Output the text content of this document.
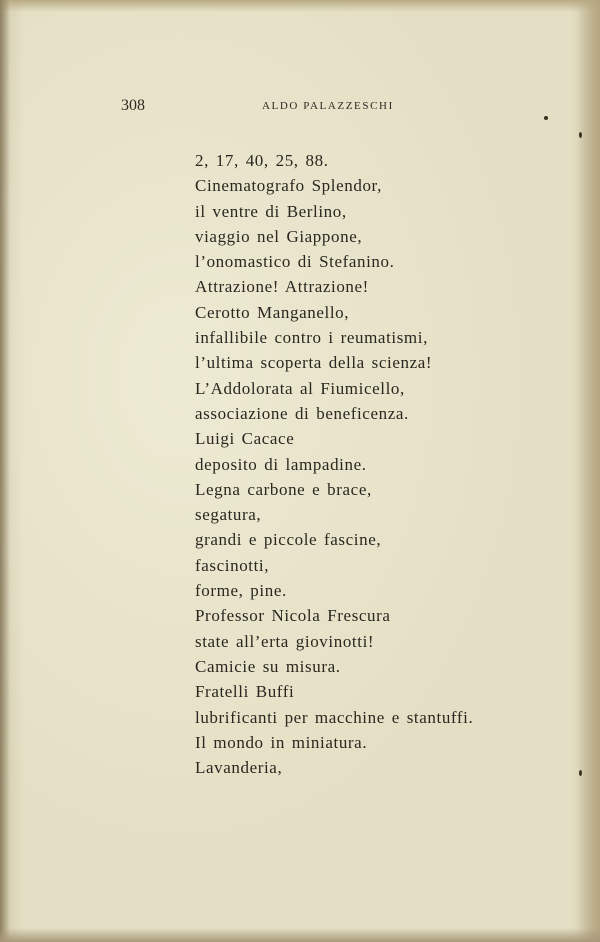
308	ALDO PALAZZESCHI
2, 17, 40, 25, 88.
Cinematografo Splendor,
il ventre di Berlino,
viaggio nel Giappone,
l’onomastico di Stefanino.
Attrazione! Attrazione!
Cerotto Manganello,
infallibile contro i reumatismi,
l’ultima scoperta della scienza!
L’Addolorata al Fiumicello,
associazione di beneficenza.
Luigi Cacace
deposito di lampadine.
Legna carbone e brace,
segatura,
grandi e piccole fascine,
fascinotti,
forme, pine.
Professor Nicola Frescura
state all’erta giovinotti!
Camicie su misura.
Fratelli Buffi
lubrificanti per macchine e stantuffi.
Il mondo in miniatura.
Lavanderia,
